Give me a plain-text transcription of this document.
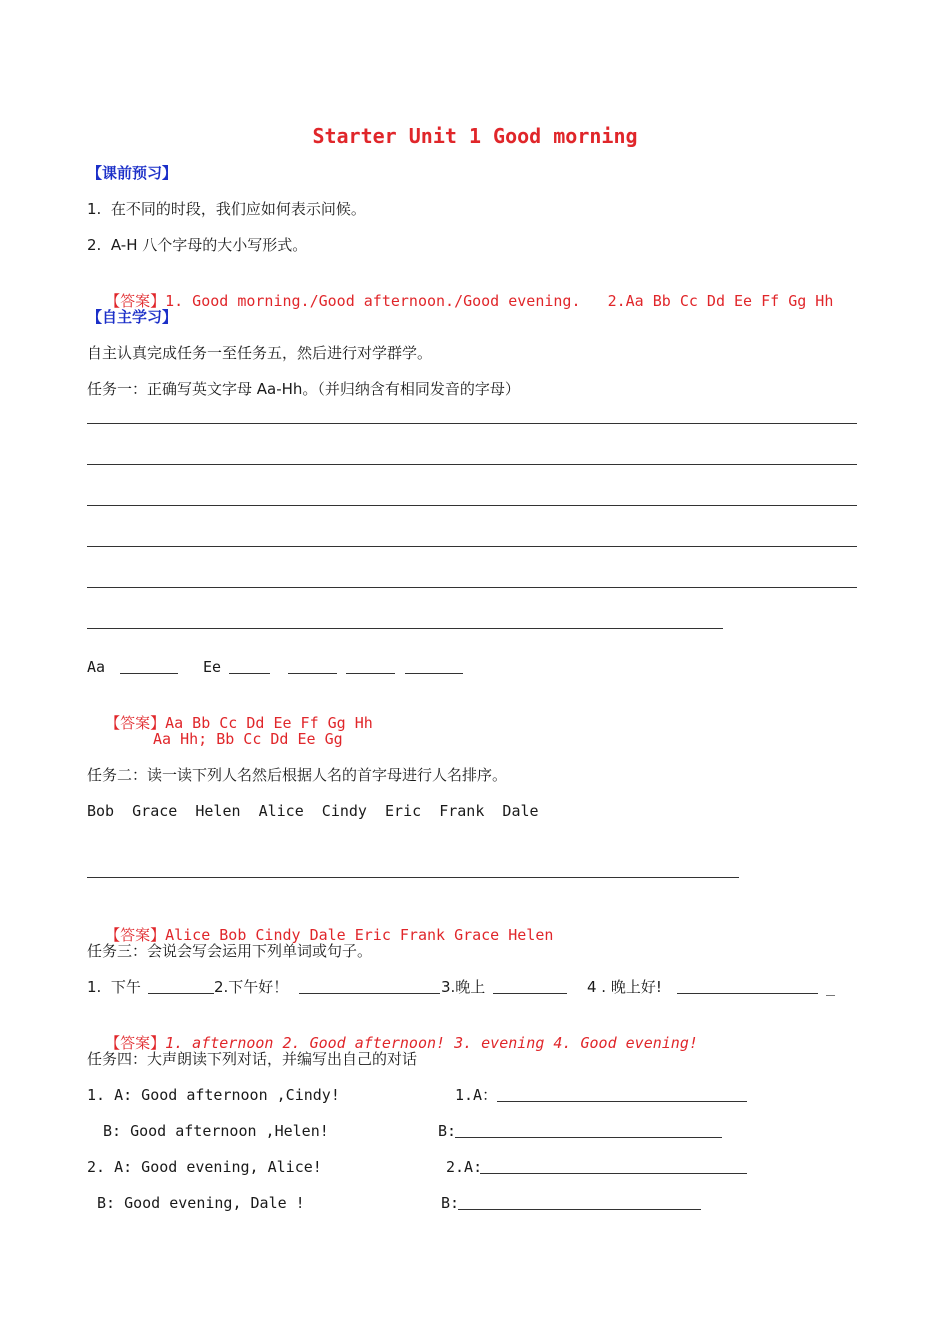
Starter Unit 1 Good morning
【课前预习】
1.  在不同的时段，我们应如何表示问候。
2.  A-H 八个字母的大小写形式。

【答案】1. Good morning./Good afternoon./Good evening.   2.Aa Bb Cc Dd Ee Ff Gg Hh

【自主学习】
自主认真完成任务一至任务五，然后进行对学群学。
任务一：正确写英文字母 Aa-Hh。（并归纳含有相同发音的字母）
Aa	Ee

【答案】Aa Bb Cc Dd Ee Ff Gg Hh

Aa Hh; Bb Cc Dd Ee Gg
任务二：读一读下列人名然后根据人名的首字母进行人名排序。
Bob  Grace  Helen  Alice  Cindy  Eric  Frank  Dale

【答案】Alice Bob Cindy Dale Eric Frank Grace Helen

任务三：会说会写会运用下列单词或句子。
1.  下午	2.下午好！	3.晚上	4 . 晚上好!	_

【答案】1. afternoon 2. Good afternoon! 3. evening 4. Good evening!

任务四：大声朗读下列对话，并编写出自己的对话
1. A: Good afternoon ,Cindy!
B: Good afternoon ,Helen!
2. A: Good evening, Alice!
B: Good evening, Dale !
1.A：
B:
2.A:
B:
